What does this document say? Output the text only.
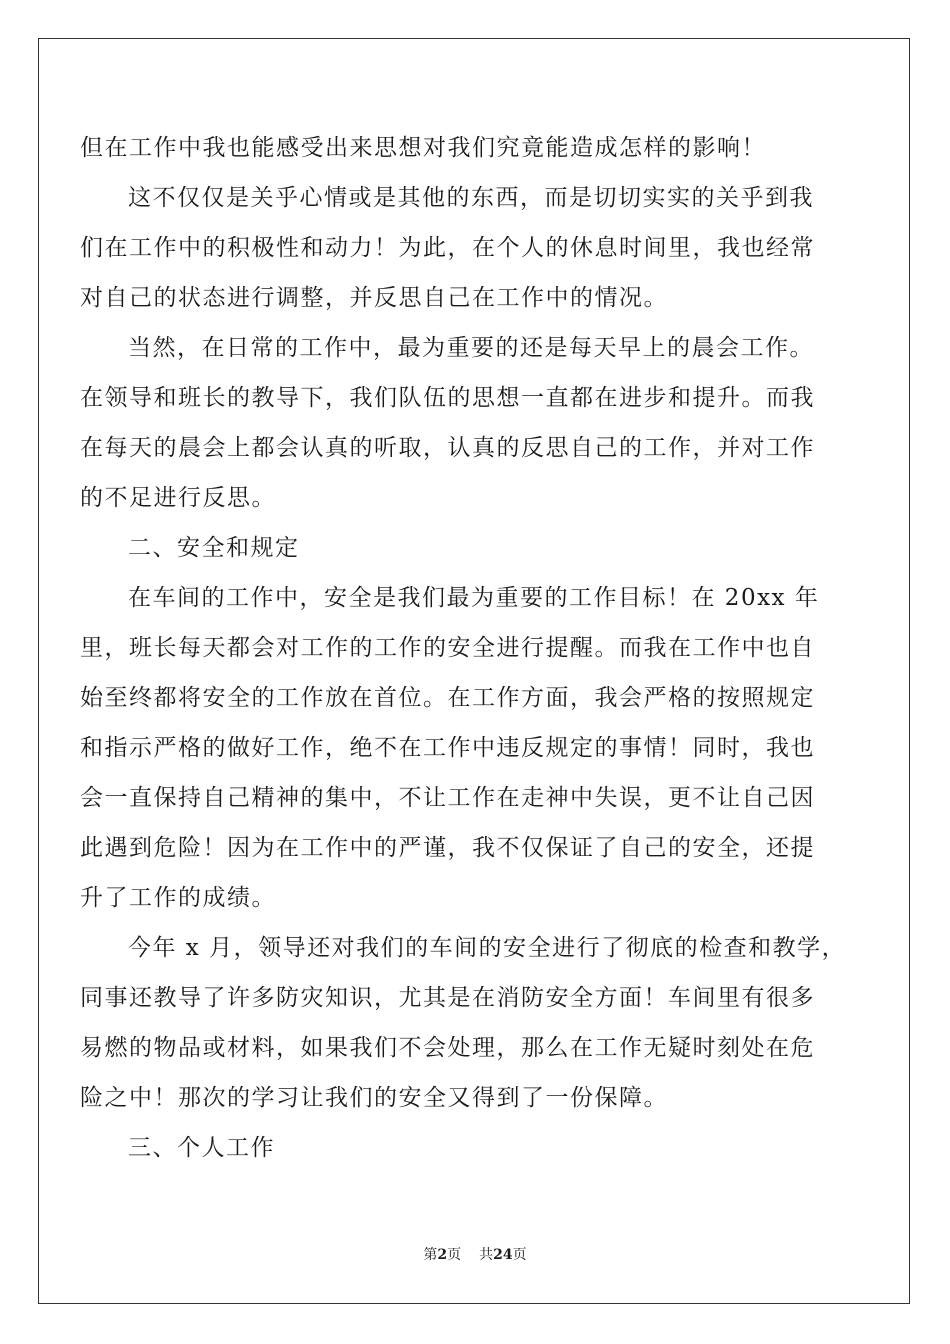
但在工作中我也能感受出来思想对我们究竟能造成怎样的影响！
这不仅仅是关乎心情或是其他的东西，而是切切实实的关乎到我
们在工作中的积极性和动力！为此，在个人的休息时间里，我也经常
对自己的状态进行调整，并反思自己在工作中的情况。
当然，在日常的工作中，最为重要的还是每天早上的晨会工作。
在领导和班长的教导下，我们队伍的思想一直都在进步和提升。而我
在每天的晨会上都会认真的听取，认真的反思自己的工作，并对工作
的不足进行反思。
二、安全和规定
在车间的工作中，安全是我们最为重要的工作目标！在 20xx 年
里，班长每天都会对工作的工作的安全进行提醒。而我在工作中也自
始至终都将安全的工作放在首位。在工作方面，我会严格的按照规定
和指示严格的做好工作，绝不在工作中违反规定的事情！同时，我也
会一直保持自己精神的集中，不让工作在走神中失误，更不让自己因
此遇到危险！因为在工作中的严谨，我不仅保证了自己的安全，还提
升了工作的成绩。
今年 x 月，领导还对我们的车间的安全进行了彻底的检查和教学，
同事还教导了许多防灾知识，尤其是在消防安全方面！车间里有很多
易燃的物品或材料，如果我们不会处理，那么在工作无疑时刻处在危
险之中！那次的学习让我们的安全又得到了一份保障。
三、个人工作
第2页 共24页
